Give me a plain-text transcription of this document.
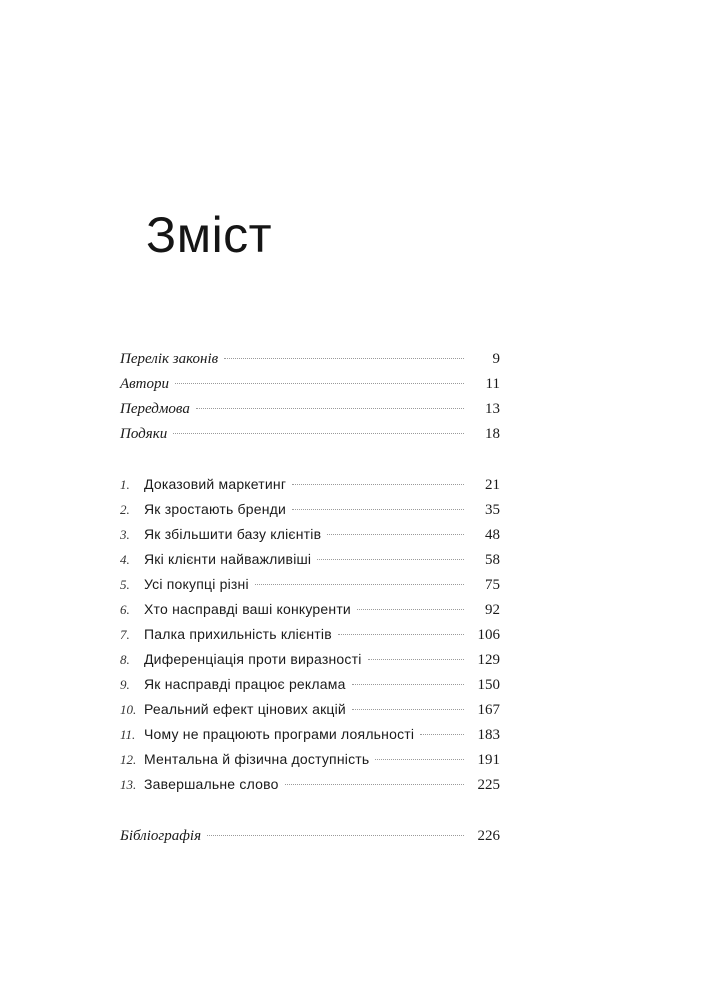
Зміст
Перелік законів	9
Автори	11
Передмова	13
Подяки	18
1.	Доказовий маркетинг	21
2.	Як зростають бренди	35
3.	Як збільшити базу клієнтів	48
4.	Які клієнти найважливіші	58
5.	Усі покупці різні	75
6.	Хто насправді ваші конкуренти	92
7.	Палка прихильність клієнтів	106
8.	Диференціація проти виразності	129
9.	Як насправді працює реклама	150
10. Реальний ефект цінових акцій	167
11. Чому не працюють програми лояльності	183
12. Ментальна й фізична доступність	191
13. Завершальне слово	225
Бібліографія	226
